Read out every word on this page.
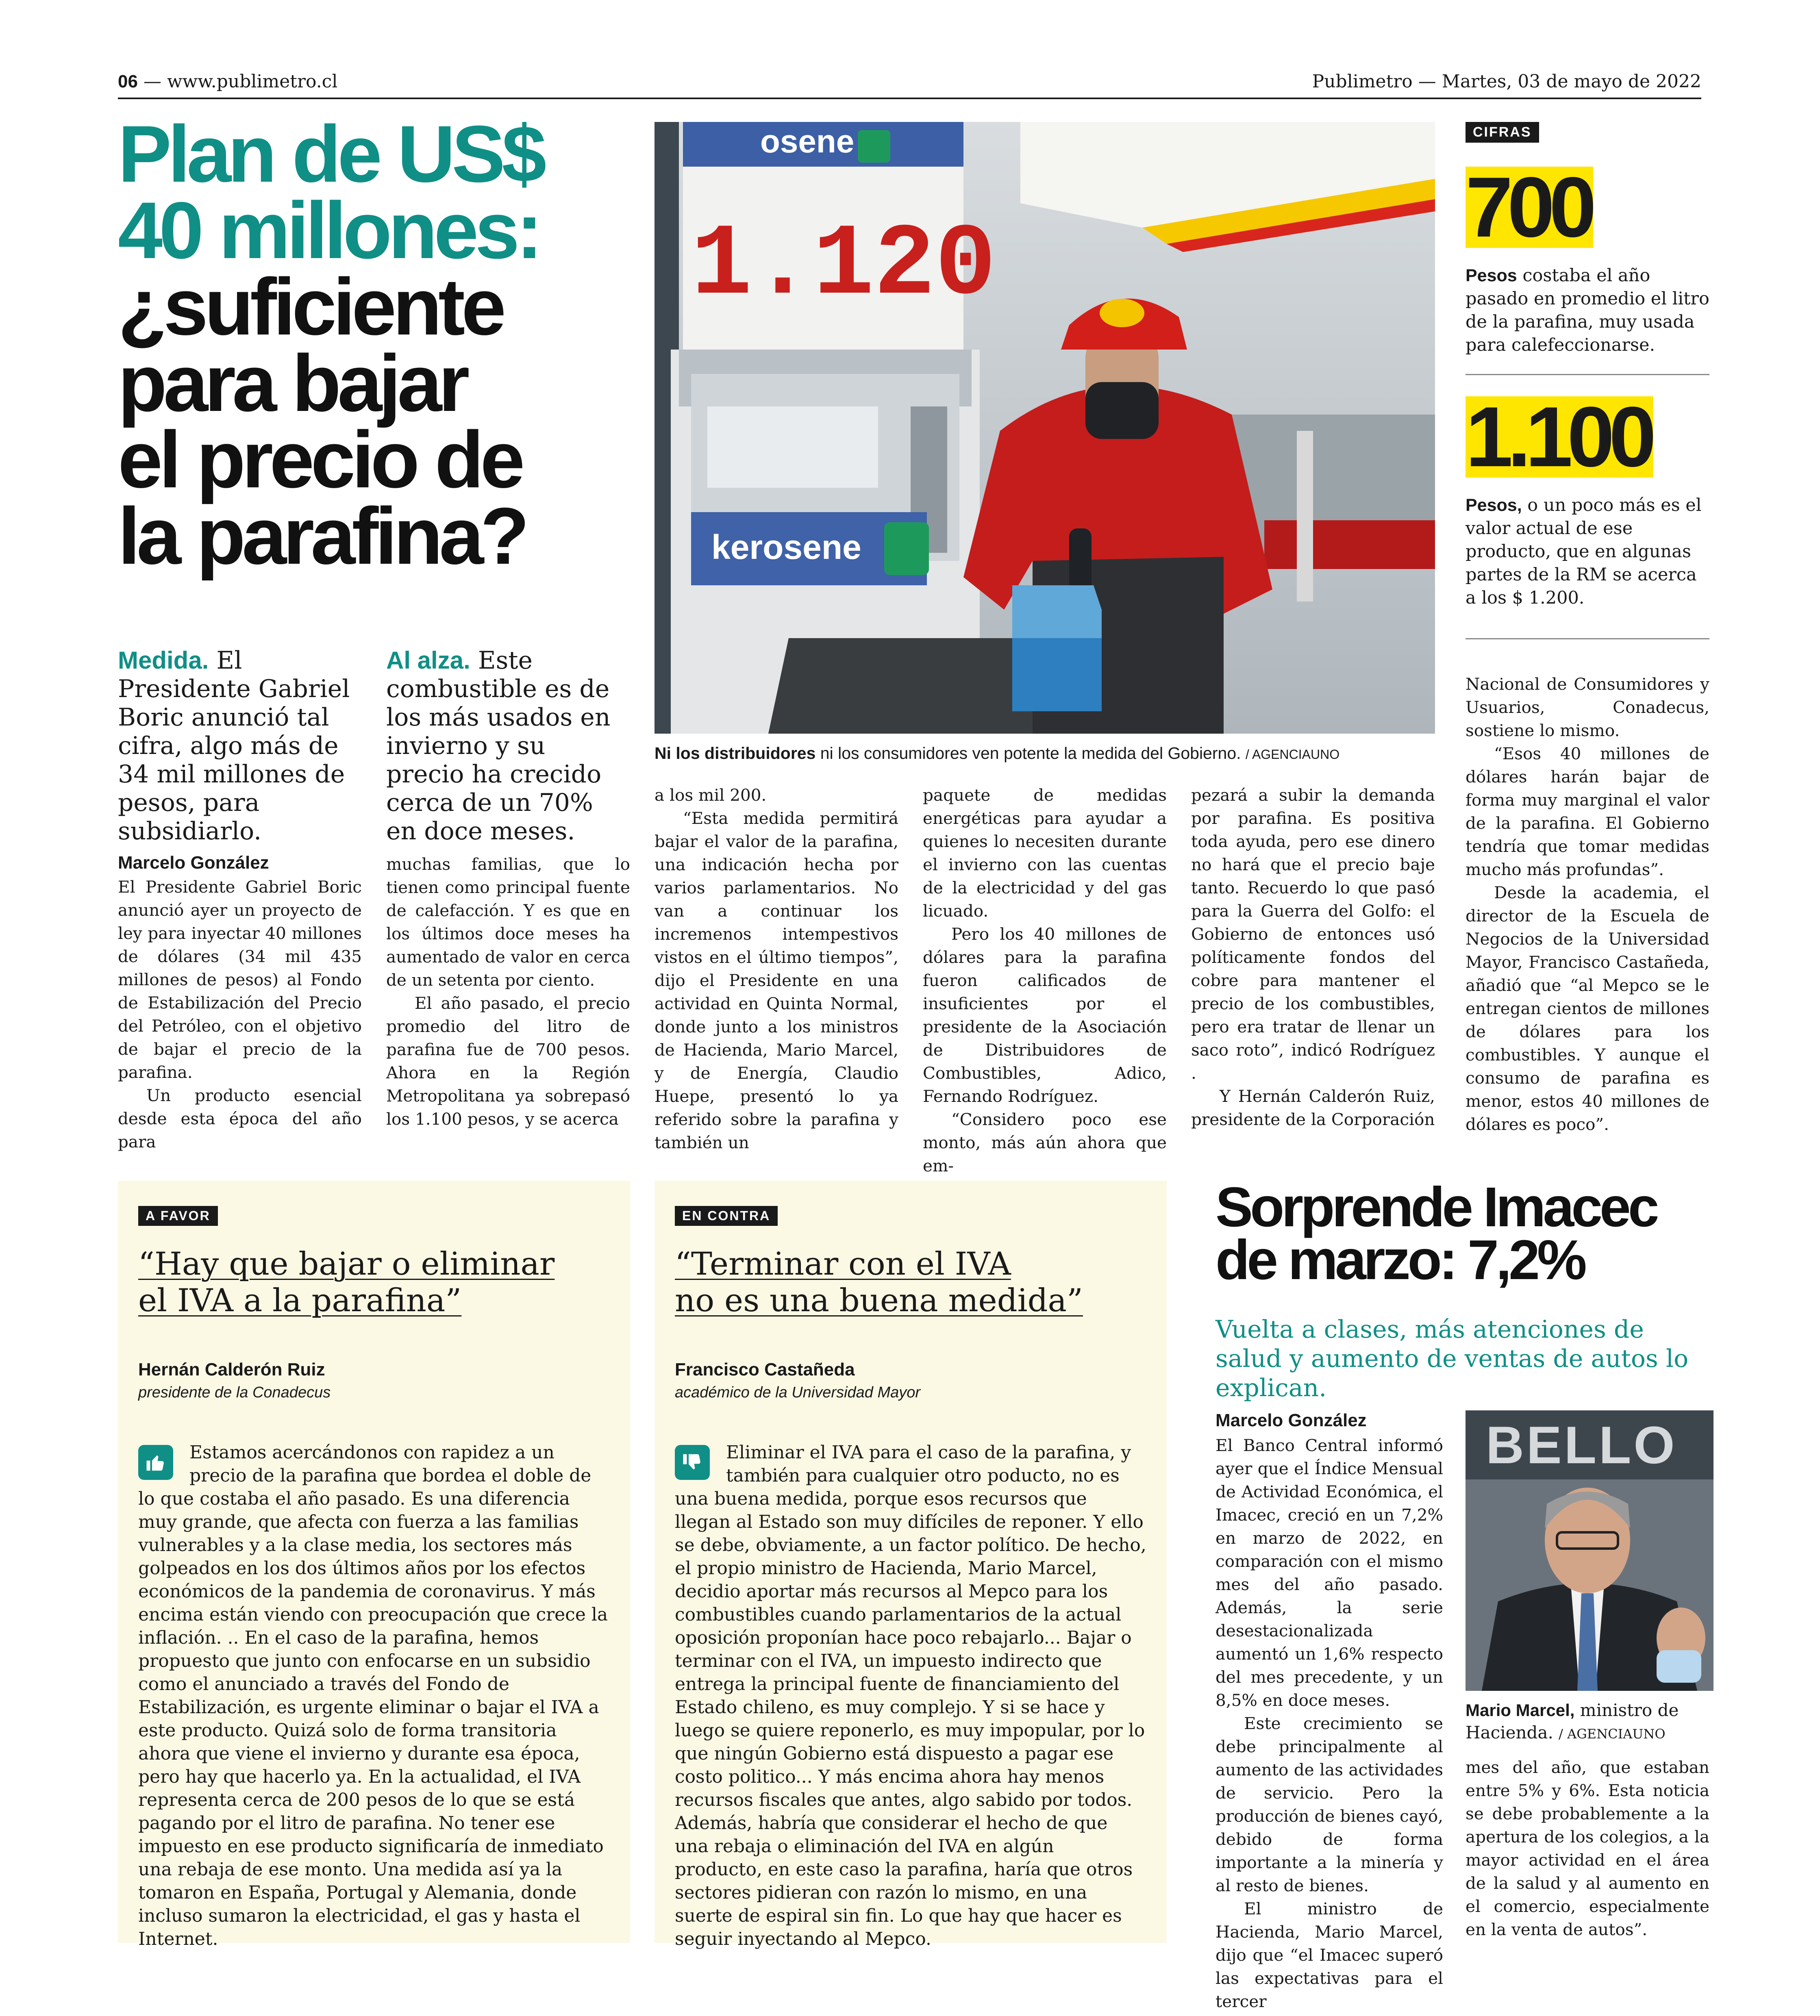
06 — www.publimetro.cl	Publimetro — Martes, 03 de mayo de 2022
Plan de US$
40 millones:
¿suficiente
para bajar
el precio de
la parafina?
Medida. El Presidente Gabriel Boric anunció tal cifra, algo más de 34 mil millones de pesos, para subsidiarlo.
Al alza. Este combustible es de los más usados en invierno y su precio ha crecido cerca de un 70% en doce meses.
osene
1.120
kerosene
Ni los distribuidores ni los consumidores ven potente la medida del Gobierno. / AGENCIAUNO
Marcelo González

El Presidente Gabriel Boric anunció ayer un proyecto de ley para inyectar 40 millones de dólares (34 mil 435 millones de pesos) al Fondo de Estabilización del Precio del Petróleo, con el objetivo de bajar el precio de la parafina.

Un producto esencial desde esta época del año para

muchas familias, que lo tienen como principal fuente de calefacción. Y es que en los últimos doce meses ha aumentado de valor en cerca de un setenta por ciento.

El año pasado, el precio promedio del litro de parafina fue de 700 pesos. Ahora en la Región Metropolitana ya sobrepasó los 1.100 pesos, y se acerca

a los mil 200.

“Esta medida permitirá bajar el valor de la parafina, una indicación hecha por varios parlamentarios. No van a continuar los incremenos intempestivos vistos en el último tiempos”, dijo el Presidente en una actividad en Quinta Normal, donde junto a los ministros de Hacienda, Mario Marcel, y de Energía, Claudio Huepe, presentó lo ya referido sobre la parafina y también un

paquete de medidas energéticas para ayudar a quienes lo necesiten durante el invierno con las cuentas de la electricidad y del gas licuado.

Pero los 40 millones de dólares para la parafina fueron calificados de insuficientes por el presidente de la Asociación de Distribuidores de Combustibles, Adico, Fernando Rodríguez.

“Considero poco ese monto, más aún ahora que em-

pezará a subir la demanda por parafina. Es positiva toda ayuda, pero ese dinero no hará que el precio baje tanto. Recuerdo lo que pasó para la Guerra del Golfo: el Gobierno de entonces usó políticamente fondos del cobre para mantener el precio de los combustibles, pero era tratar de llenar un saco roto”, indicó Rodríguez .

Y Hernán Calderón Ruiz, presidente de la Corporación

Nacional de Consumidores y Usuarios, Conadecus, sostiene lo mismo.

“Esos 40 millones de dólares harán bajar de forma muy marginal el valor de la parafina. El Gobierno tendría que tomar medidas mucho más profundas”.

Desde la academia, el director de la Escuela de Negocios de la Universidad Mayor, Francisco Castañeda, añadió que “al Mepco se le entregan cientos de millones de dólares para los combustibles. Y aunque el consumo de parafina es menor, estos 40 millones de dólares es poco”.

CIFRAS
700
Pesos costaba el año pasado en promedio el litro de la parafina, muy usada para calefeccionarse.
1.100
Pesos, o un poco más es el valor actual de ese producto, que en algunas partes de la RM se acerca a los $ 1.200.
A FAVOR
“Hay que bajar o eliminar
el IVA a la parafina”
Hernán Calderón Ruiz
presidente de la Conadecus
Estamos acercándonos con rapidez a un precio de la parafina que bordea el doble de lo que costaba el año pasado. Es una diferencia muy grande, que afecta con fuerza a las familias vulnerables y a la clase media, los sectores más golpeados en los dos últimos años por los efectos económicos de la pandemia de coronavirus. Y más encima están viendo con preocupación que crece la inflación. .. En el caso de la parafina, hemos propuesto que junto con enfocarse en un subsidio como el anunciado a través del Fondo de Estabilización, es urgente eliminar o bajar el IVA a este producto. Quizá solo de forma transitoria ahora que viene el invierno y durante esa época, pero hay que hacerlo ya. En la actualidad, el IVA representa cerca de 200 pesos de lo que se está pagando por el litro de parafina. No tener ese impuesto en ese producto significaría de inmediato una rebaja de ese monto. Una medida así ya la tomaron en España, Portugal y Alemania, donde incluso sumaron la electricidad, el gas y hasta el Internet.
EN CONTRA
“Terminar con el IVA
no es una buena medida”
Francisco Castañeda
académico de la Universidad Mayor
Eliminar el IVA para el caso de la parafina, y también para cualquier otro poducto, no es una buena medida, porque esos recursos que llegan al Estado son muy difíciles de reponer. Y ello se debe, obviamente, a un factor político. De hecho, el propio ministro de Hacienda, Mario Marcel, decidio aportar más recursos al Mepco para los combustibles cuando parlamentarios de la actual oposición proponían hace poco rebajarlo... Bajar o terminar con el IVA, un impuesto indirecto que entrega la principal fuente de financiamiento del Estado chileno, es muy complejo. Y si se hace y luego se quiere reponerlo, es muy impopular, por lo que ningún Gobierno está dispuesto a pagar ese costo politico... Y más encima ahora hay menos recursos fiscales que antes, algo sabido por todos. Además, habría que considerar el hecho de que una rebaja o eliminación del IVA en algún producto, en este caso la parafina, haría que otros sectores pidieran con razón lo mismo, en una suerte de espiral sin fin. Lo que hay que hacer es seguir inyectando al Mepco.
Sorprende Imacec
de marzo: 7,2%
Vuelta a clases, más atenciones de salud y aumento de ventas de autos lo explican.
Marcelo González

El Banco Central informó ayer que el Índice Mensual de Actividad Económica, el Imacec, creció en un 7,2% en marzo de 2022, en comparación con el mismo mes del año pasado. Además, la serie desestacionalizada aumentó un 1,6% respecto del mes precedente, y un 8,5% en doce meses.

Este crecimiento se debe principalmente al aumento de las actividades de servicio. Pero la producción de bienes cayó, debido de forma importante a la minería y al resto de bienes.

El ministro de Hacienda, Mario Marcel, dijo que “el Imacec superó las expectativas para el tercer

BELLO
Mario Marcel, ministro de Hacienda. / AGENCIAUNO

mes del año, que estaban entre 5% y 6%. Esta noticia se debe probablemente a la apertura de los colegios, a la mayor actividad en el área de la salud y al aumento en el comercio, especialmente en la venta de autos”.
